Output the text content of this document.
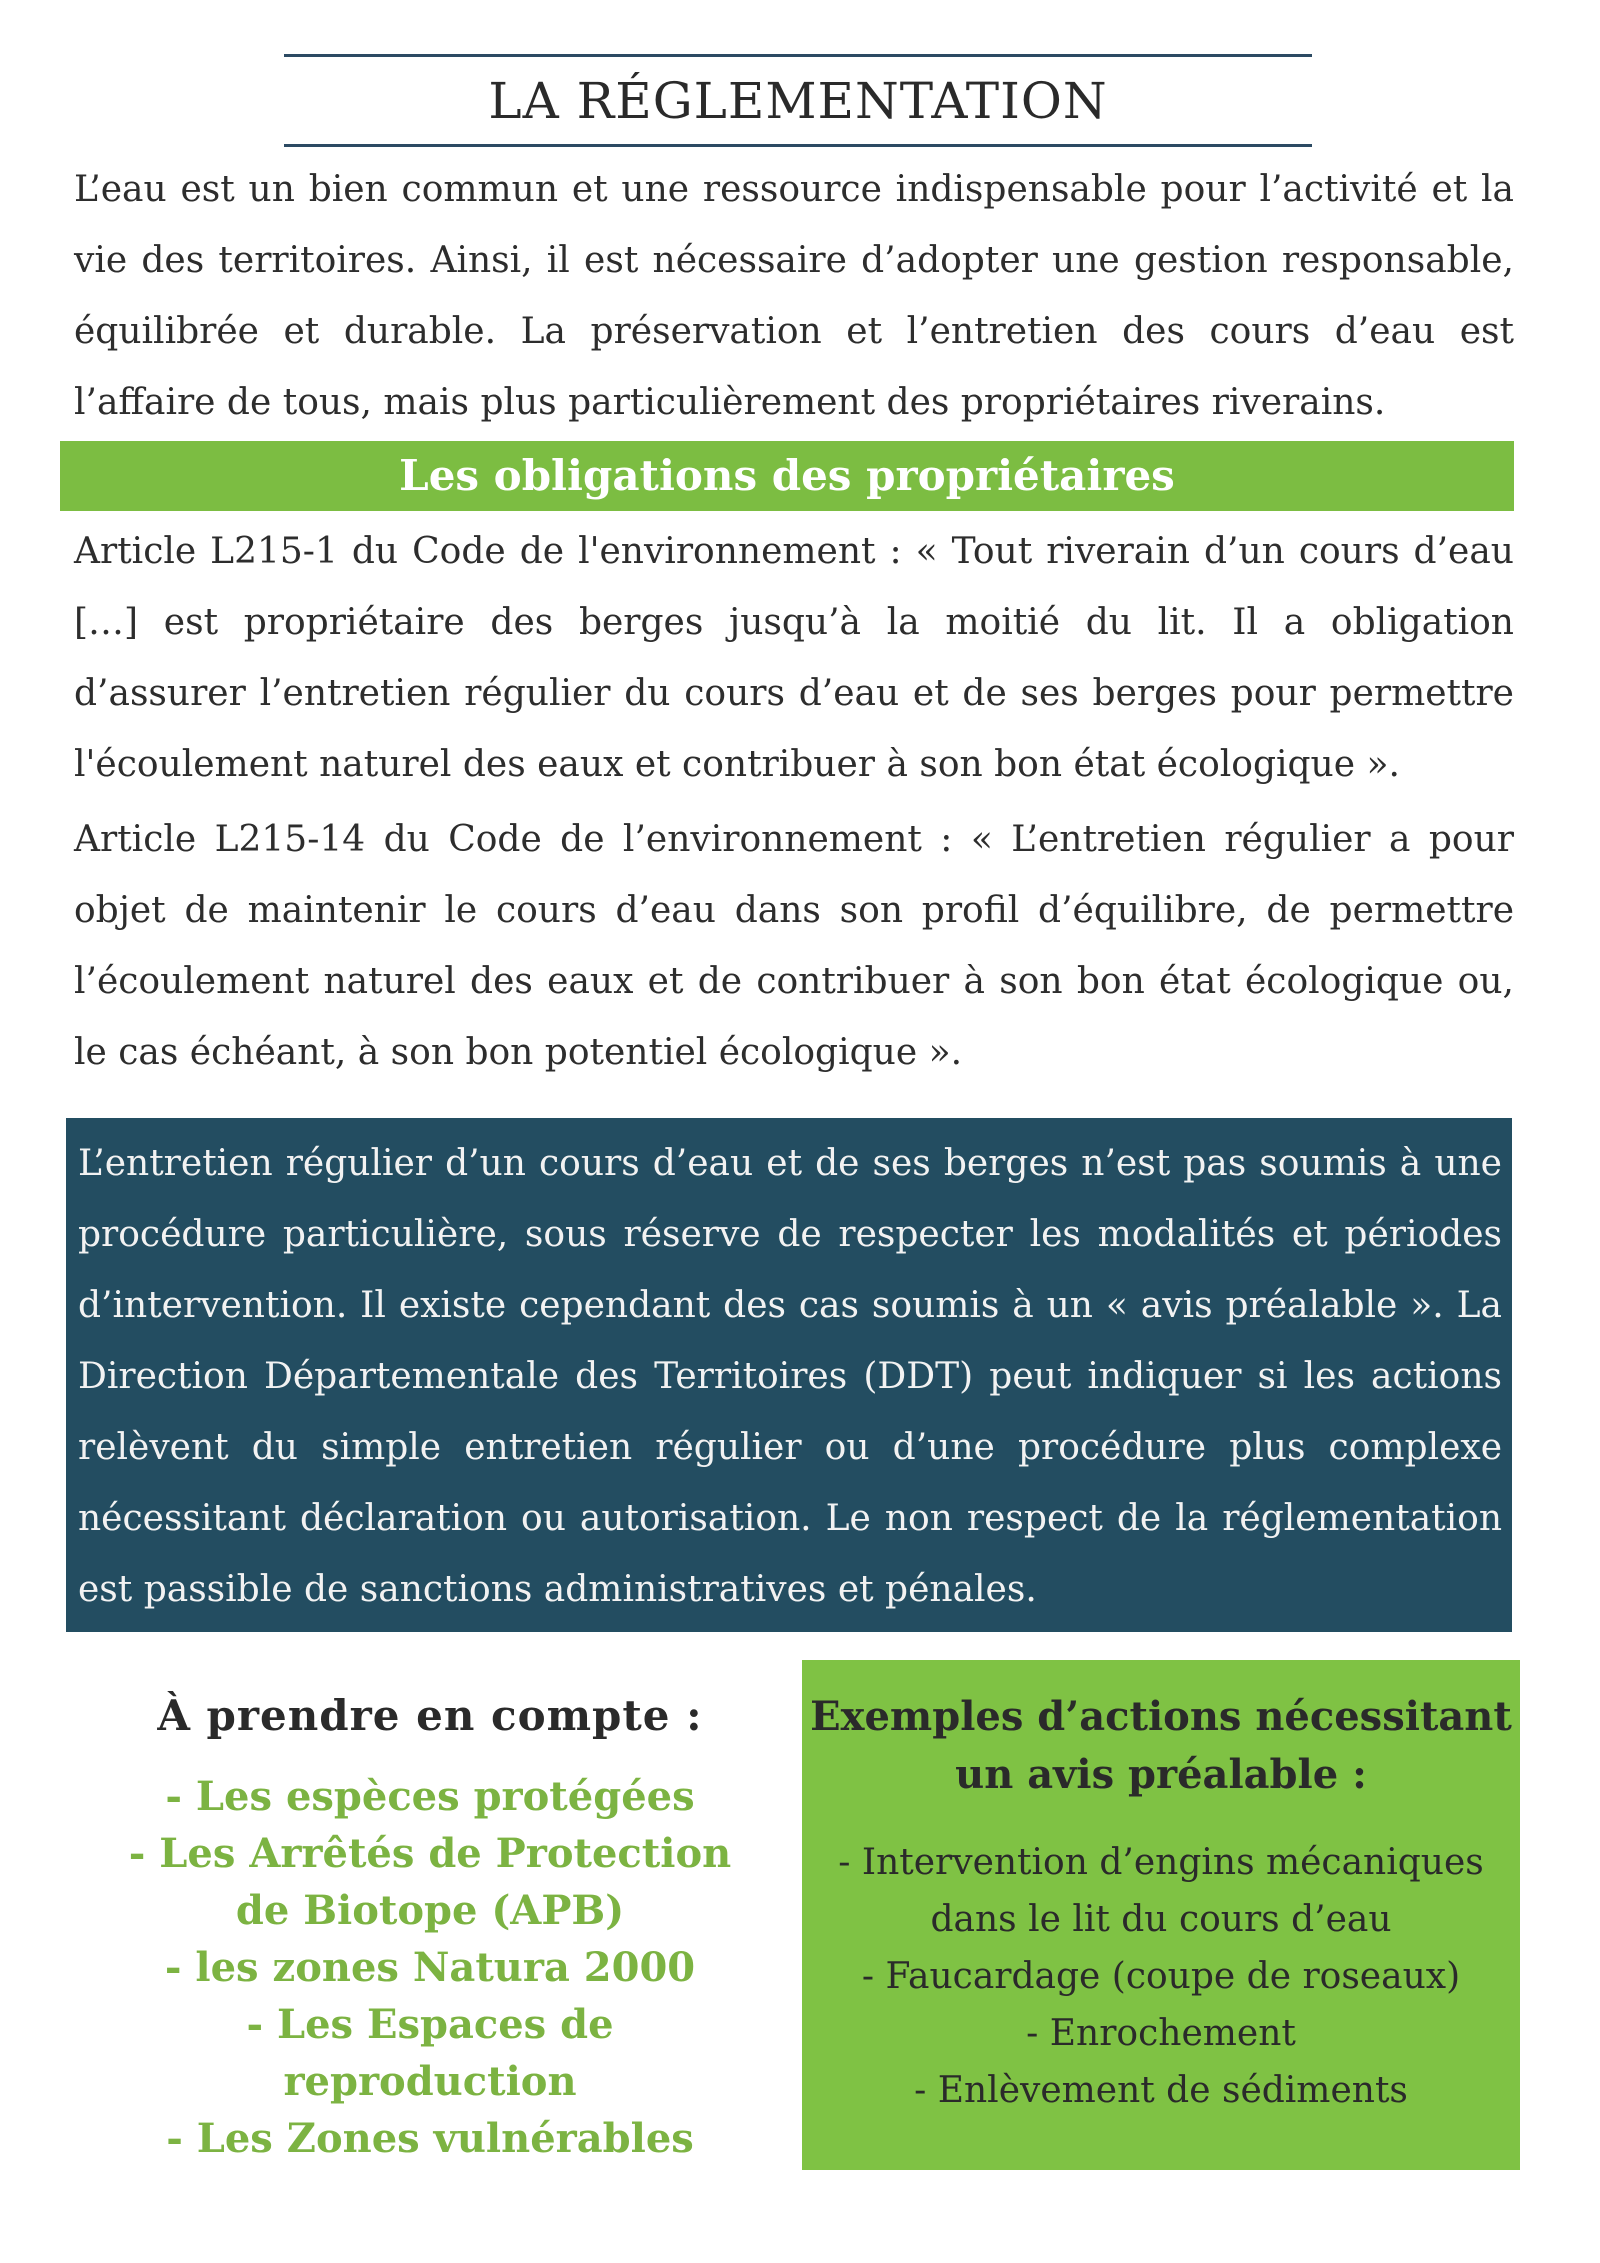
LA RÉGLEMENTATION
L’eau est un bien commun et une ressource indispensable pour l’activité et la vie des territoires. Ainsi, il est nécessaire d’adopter une gestion responsable, équilibrée et durable. La préservation et l’entretien des cours d’eau est l’affaire de tous, mais plus particulièrement des propriétaires riverains.
Les obligations des propriétaires
Article L215-1 du Code de l'environnement : « Tout riverain d’un cours d’eau […] est propriétaire des berges jusqu’à la moitié du lit. Il a obligation d’assurer l’entretien régulier du cours d’eau et de ses berges pour permettre l'écoulement naturel des eaux et contribuer à son bon état écologique ».
Article L215-14 du Code de l’environnement : « L’entretien régulier a pour objet de maintenir le cours d’eau dans son profil d’équilibre, de permettre l’écoulement naturel des eaux et de contribuer à son bon état écologique ou, le cas échéant, à son bon potentiel écologique ».
L’entretien régulier d’un cours d’eau et de ses berges n’est pas soumis à une procédure particulière, sous réserve de respecter les modalités et périodes d’intervention. Il existe cependant des cas soumis à un « avis préalable ». La Direction Départementale des Territoires (DDT) peut indiquer si les actions relèvent du simple entretien régulier ou d’une procédure plus complexe nécessitant déclaration ou autorisation. Le non respect de la réglementation est passible de sanctions administratives et pénales.
À prendre en compte :
- Les espèces protégées
- Les Arrêtés de Protection de Biotope (APB)
- les zones Natura 2000
- Les Espaces de reproduction
- Les Zones vulnérables
Exemples d’actions nécessitant un avis préalable :
- Intervention d’engins mécaniques dans le lit du cours d’eau
- Faucardage (coupe de roseaux)
- Enrochement
- Enlèvement de sédiments
